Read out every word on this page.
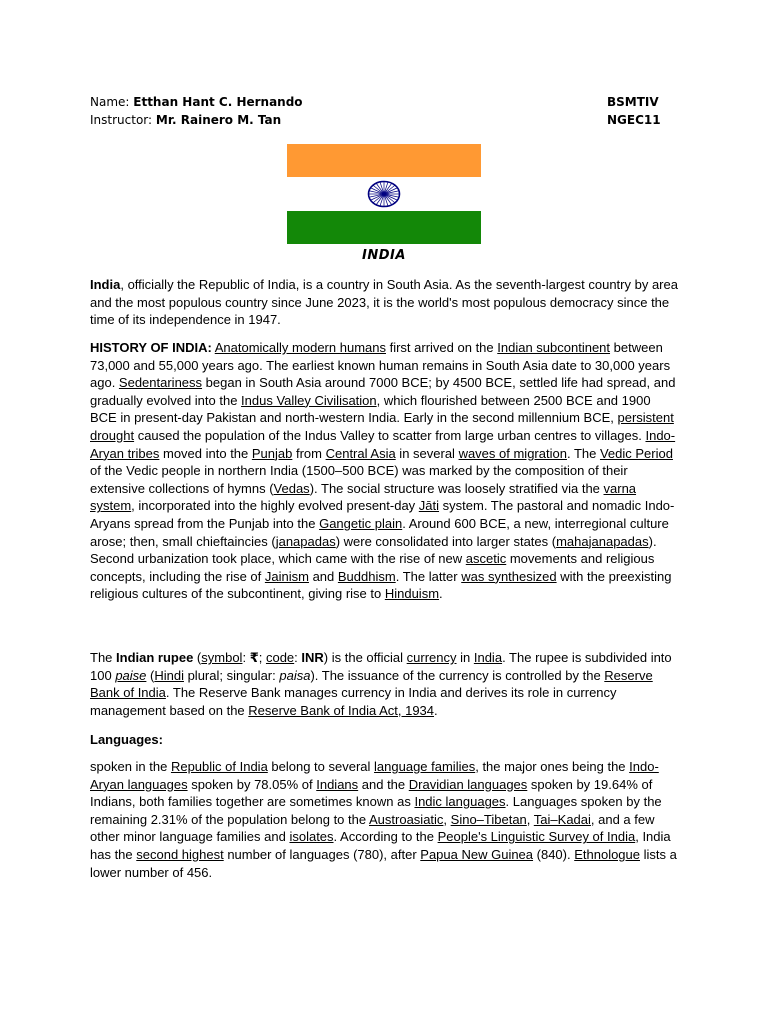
Name: Etthan Hant C. Hernando	BSMTIV
Instructor: Mr. Rainero M. Tan	NGEC11
INDIA

India, officially the Republic of India, is a country in South Asia. As the seventh-largest country by area and the most populous country since June 2023, it is the world's most populous democracy since the time of its independence in 1947.

HISTORY OF INDIA: Anatomically modern humans first arrived on the Indian subcontinent between 73,000 and 55,000 years ago. The earliest known human remains in South Asia date to 30,000 years ago. Sedentariness began in South Asia around 7000 BCE; by 4500 BCE, settled life had spread, and gradually evolved into the Indus Valley Civilisation, which flourished between 2500 BCE and 1900 BCE in present-day Pakistan and north-western India. Early in the second millennium BCE, persistent drought caused the population of the Indus Valley to scatter from large urban centres to villages. Indo-Aryan tribes moved into the Punjab from Central Asia in several waves of migration. The Vedic Period of the Vedic people in northern India (1500–500 BCE) was marked by the composition of their extensive collections of hymns (Vedas). The social structure was loosely stratified via the varna system, incorporated into the highly evolved present-day Jāti system. The pastoral and nomadic Indo-Aryans spread from the Punjab into the Gangetic plain. Around 600 BCE, a new, interregional culture arose; then, small chieftaincies (janapadas) were consolidated into larger states (mahajanapadas). Second urbanization took place, which came with the rise of new ascetic movements and religious concepts, including the rise of Jainism and Buddhism. The latter was synthesized with the preexisting religious cultures of the subcontinent, giving rise to Hinduism.

The Indian rupee (symbol: ₹; code: INR) is the official currency in India. The rupee is subdivided into 100 paise (Hindi plural; singular: paisa). The issuance of the currency is controlled by the Reserve Bank of India. The Reserve Bank manages currency in India and derives its role in currency management based on the Reserve Bank of India Act, 1934.

Languages:

spoken in the Republic of India belong to several language families, the major ones being the Indo-Aryan languages spoken by 78.05% of Indians and the Dravidian languages spoken by 19.64% of Indians, both families together are sometimes known as Indic languages. Languages spoken by the remaining 2.31% of the population belong to the Austroasiatic, Sino–Tibetan, Tai–Kadai, and a few other minor language families and isolates. According to the People's Linguistic Survey of India, India has the second highest number of languages (780), after Papua New Guinea (840). Ethnologue lists a lower number of 456.
